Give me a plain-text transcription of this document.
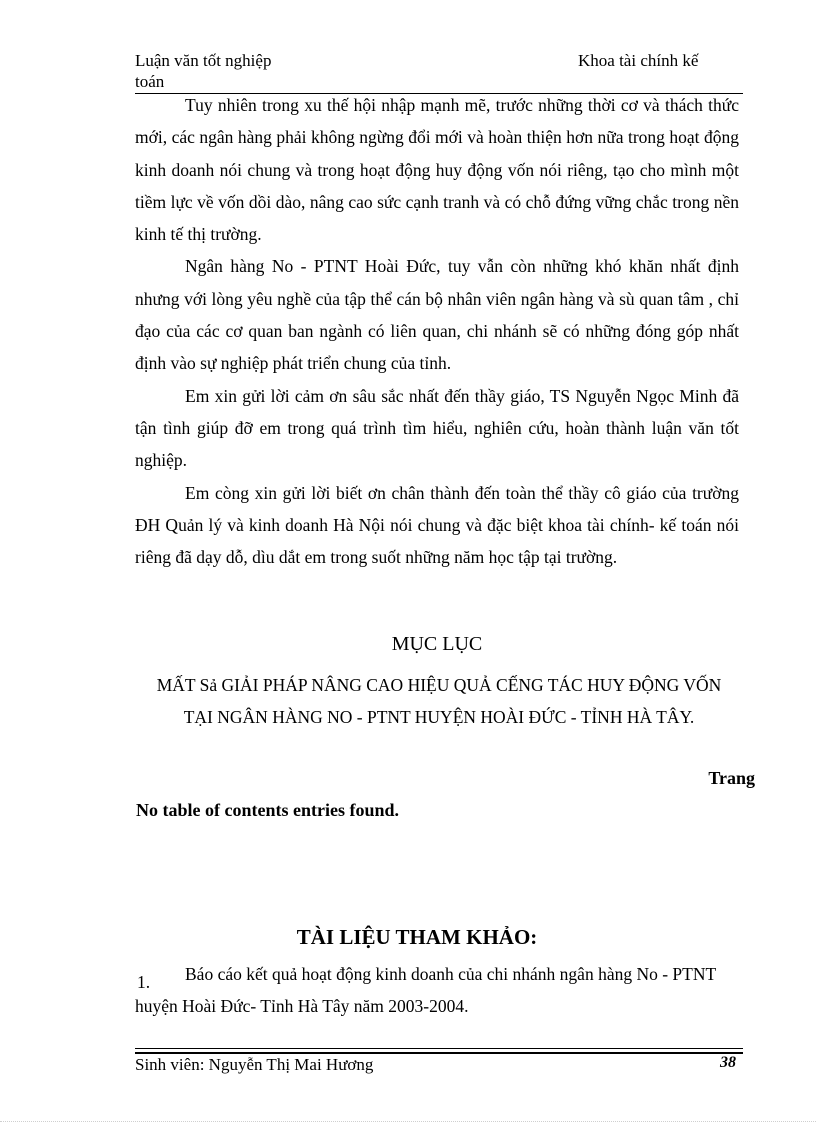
Luận văn tốt nghiệp
toán
Khoa tài chính kế

Tuy nhiên trong xu thế hội nhập mạnh mẽ, trước những thời cơ và thách thức mới, các ngân hàng phải không ngừng đổi mới và hoàn thiện hơn nữa trong hoạt động kinh doanh nói chung và trong hoạt động huy động vốn nói riêng, tạo cho mình một tiềm lực về vốn dồi dào, nâng cao sức cạnh tranh và có chỗ đứng vững chắc trong nền kinh tế thị trường.

Ngân hàng No - PTNT Hoài Đức, tuy vẫn còn những khó khăn nhất định nhưng với lòng yêu nghề của tập thể cán bộ nhân viên ngân hàng và sù quan tâm , chỉ đạo của các cơ quan ban ngành có liên quan, chi nhánh sẽ có những đóng góp nhất định vào sự nghiệp phát triển chung của tỉnh.

Em xin gửi lời cảm ơn sâu sắc nhất đến thầy giáo, TS Nguyễn Ngọc Minh đã tận tình giúp đỡ em trong quá trình tìm hiểu, nghiên cứu, hoàn thành luận văn tốt nghiệp.

Em còng xin gửi lời biết ơn chân thành đến toàn thể thầy cô giáo của trường ĐH Quản lý và kinh doanh Hà Nội nói chung và đặc biệt khoa tài chính- kế toán nói riêng đã dạy dỗ, dìu dắt em trong suốt những năm học tập tại trường.

MỤC LỤC
MẤT Sả GIẢI PHÁP NÂNG CAO HIỆU QUẢ CẾNG TÁC HUY ĐỘNG VỐN TẠI NGÂN HÀNG NO - PTNT HUYỆN HOÀI ĐỨC - TỈNH HÀ TÂY.
Trang
No table of contents entries found.
TÀI LIỆU THAM KHẢO:
1.	Báo cáo kết quả hoạt động kinh doanh của chi nhánh ngân hàng No - PTNT huyện Hoài Đức- Tỉnh Hà Tây năm 2003-2004.

Sinh viên: Nguyễn Thị Mai Hương	38
